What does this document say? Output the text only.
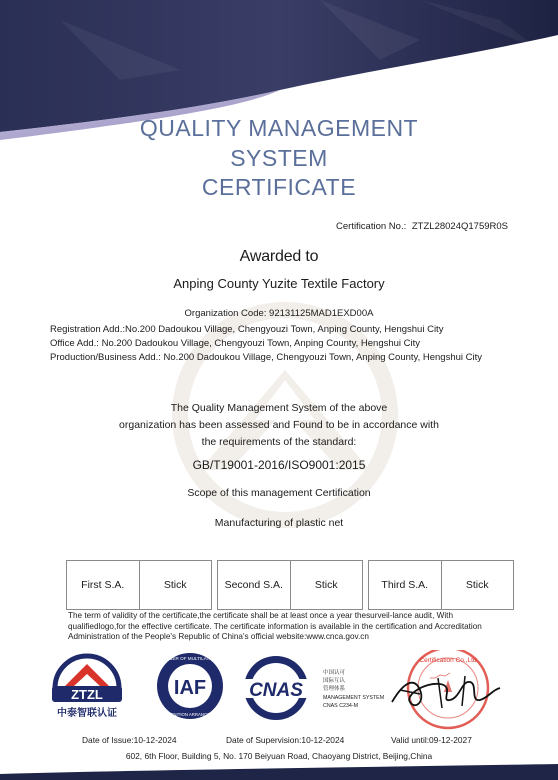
QUALITY MANAGEMENT
SYSTEM
CERTIFICATE
Certification No.: ZTZL28024Q1759R0S
Awarded to
Anping County Yuzite Textile Factory
Organization Code: 92131125MAD1EXD00A
Registration Add.:No.200 Dadoukou Village, Chengyouzi Town, Anping County, Hengshui City
Office Add.: No.200 Dadoukou Village, Chengyouzi Town, Anping County, Hengshui City
Production/Business Add.: No.200 Dadoukou Village, Chengyouzi Town, Anping County, Hengshui City
The Quality Management System of the above
organization has been assessed and Found to be in accordance with
the requirements of the standard:
GB/T19001-2016/ISO9001:2015
Scope of this management Certification
Manufacturing of plastic net
First S.A.	Stick	Second S.A.	Stick	Third S.A.	Stick
The term of validity of the certificate,the certificate shall be at least once a year thesurveil-lance audit, With qualifiedlogo,for the effective certificate. The certificate information is available in the certification and Accreditation Administration of the People's Republic of China's official website:www.cnca.gov.cn
ZTZL
中泰智联认证
IAF
MEMBER OF MULTILATERAL
RECOGNITION ARRANGEMENT
CNAS
中国认可
国际互认
管理体系
MANAGEMENT SYSTEM
CNAS C234-M
Certification Co.,Ltd
Date of Issue:10-12-2024	Date of Supervision:10-12-2024	Valid until:09-12-2027
602, 6th Floor, Building 5, No. 170 Beiyuan Road, Chaoyang District, Beijing,China
